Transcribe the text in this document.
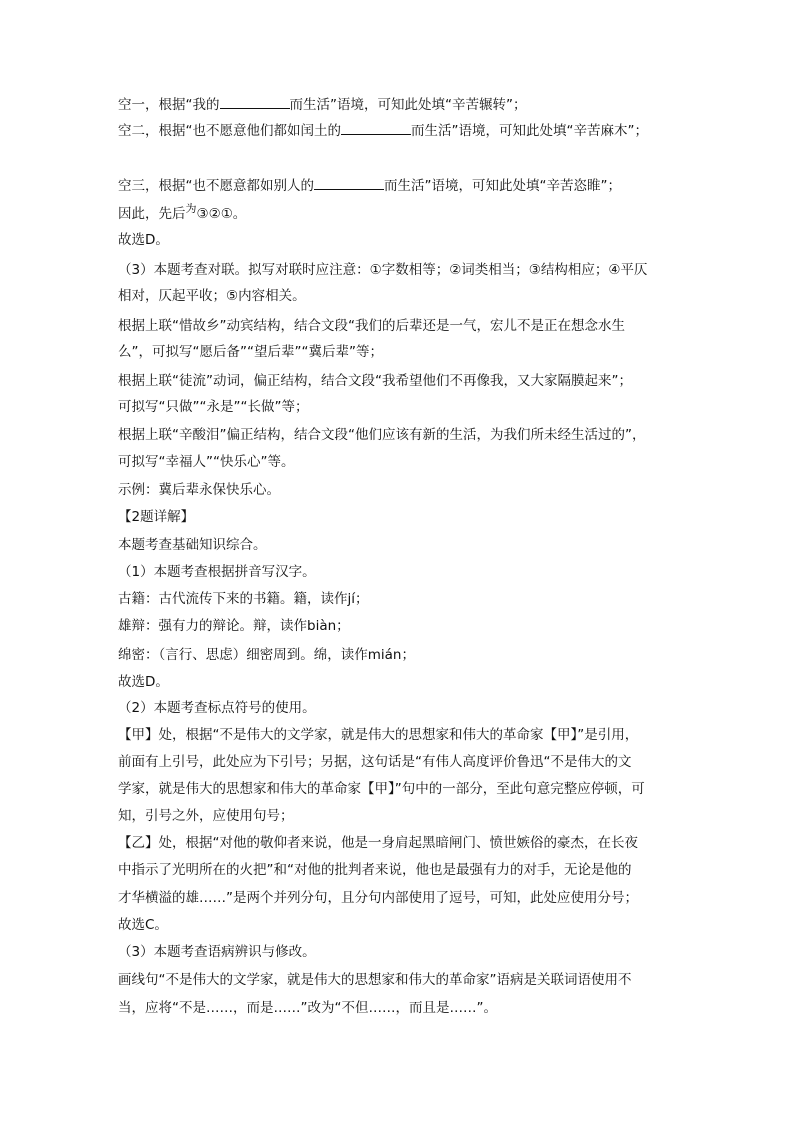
空一，根据“我的	而生活”语境，可知此处填“辛苦辗转”；
空二，根据“也不愿意他们都如闰土的	而生活”语境，可知此处填“辛苦麻木”；
空三，根据“也不愿意都如别人的	而生活”语境，可知此处填“辛苦恣睢”；
因此，先后$^为$③②①。
故选D。
（3）本题考查对联。拟写对联时应注意：①字数相等；②词类相当；③结构相应；④平仄
相对，仄起平收；⑤内容相关。
根据上联“惜故乡”动宾结构，结合文段“我们的后辈还是一气，宏儿不是正在想念水生
么”，可拟写“愿后备”“望后辈”“冀后辈”等；
根据上联“徒流”动词，偏正结构，结合文段“我希望他们不再像我，又大家隔膜起来”；
可拟写“只做”“永是”“长做”等；
根据上联“辛酸泪”偏正结构，结合文段“他们应该有新的生活，为我们所未经生活过的”，
可拟写“幸福人”“快乐心”等。
示例：冀后辈永保快乐心。
【2题详解】
本题考查基础知识综合。
（1）本题考查根据拼音写汉字。
古籍：古代流传下来的书籍。籍，读作jí；
雄辩：强有力的辩论。辩，读作biàn；
绵密：（言行、思虑）细密周到。绵，读作mián；
故选D。
（2）本题考查标点符号的使用。
【甲】处，根据“不是伟大的文学家，就是伟大的思想家和伟大的革命家【甲】”是引用，
前面有上引号，此处应为下引号；另据，这句话是“有伟人高度评价鲁迅“不是伟大的文
学家，就是伟大的思想家和伟大的革命家【甲】”句中的一部分，至此句意完整应停顿，可
知，引号之外，应使用句号；
【乙】处，根据“对他的敬仰者来说，他是一身肩起黑暗闸门、愤世嫉俗的豪杰，在长夜
中指示了光明所在的火把”和“对他的批判者来说，他也是最强有力的对手，无论是他的
才华横溢的雄……”是两个并列分句，且分句内部使用了逗号，可知，此处应使用分号；
故选C。
（3）本题考查语病辨识与修改。
画线句“不是伟大的文学家，就是伟大的思想家和伟大的革命家”语病是关联词语使用不
当，应将“不是……，而是……”改为“不但……，而且是……”。
